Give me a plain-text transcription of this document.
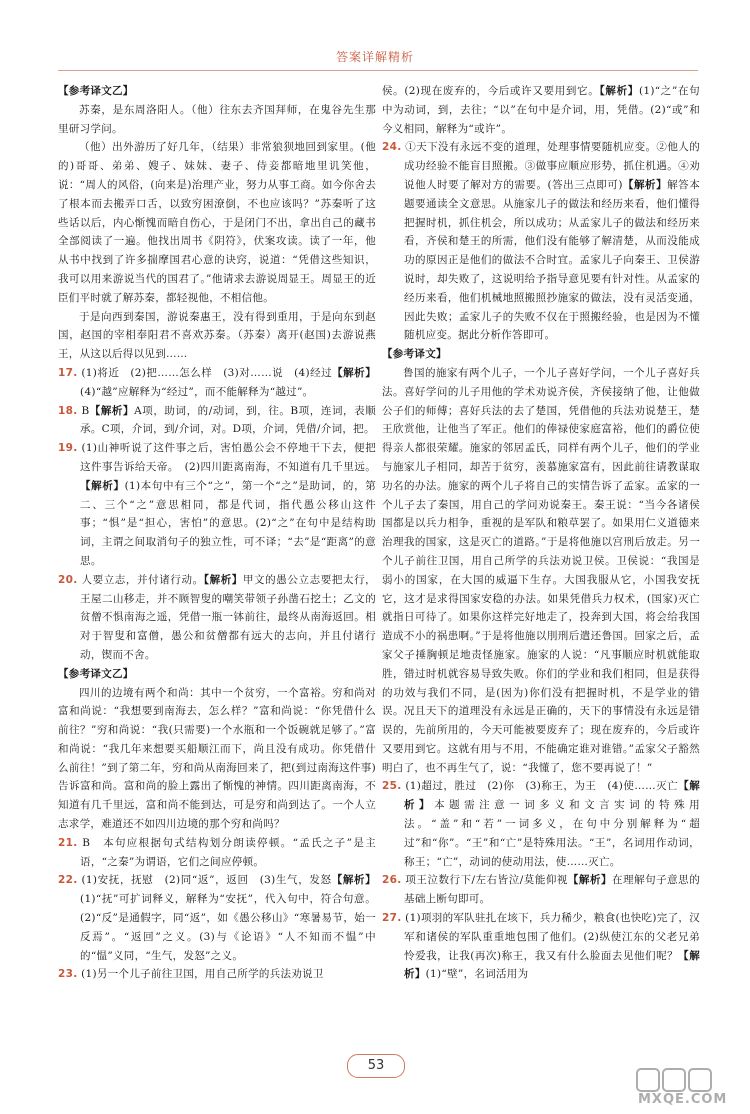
答案详解精析

【参考译文乙】

苏秦，是东周洛阳人。（他）往东去齐国拜师，在鬼谷先生那里研习学问。

（他）出外游历了好几年，（结果）非常狼狈地回到家里。(他的)哥哥、弟弟、嫂子、妹妹、妻子、侍妾都暗地里讥笑他，说：“周人的风俗，(向来是)治理产业，努力从事工商。如今你舍去了根本而去搬弄口舌，以致穷困潦倒，不也应该吗？”苏秦听了这些话以后，内心惭愧而暗自伤心，于是闭门不出，拿出自己的藏书全部阅读了一遍。他找出周书《阴符》，伏案攻读。读了一年，他从书中找到了许多揣摩国君心意的诀窍，说道：“凭借这些知识，我可以用来游说当代的国君了。”他请求去游说周显王。周显王的近臣们平时就了解苏秦，都轻视他，不相信他。

于是向西到秦国，游说秦惠王，没有得到重用，于是向东到赵国，赵国的宰相奉阳君不喜欢苏秦。（苏秦）离开(赵国)去游说燕王，从这以后得以见到……

17. (1)将近　(2)把……怎么样　(3)对……说　(4)经过【解析】(4)“越”应解释为“经过”，而不能解释为“越过”。

18. B【解析】A项，助词，的/动词，到，往。B项，连词，表顺承。C项，介词，到/介词，对。D项，介词，凭借/介词，把。

19. (1)山神听说了这件事之后，害怕愚公会不停地干下去，便把这件事告诉给天帝。　(2)四川距离南海，不知道有几千里远。【解析】(1)本句中有三个“之”，第一个“之”是助词，的，第二、三个“之”意思相同，都是代词，指代愚公移山这件事；“惧”是“担心，害怕”的意思。(2)“之”在句中是结构助词，主谓之间取消句子的独立性，可不译；“去”是“距离”的意思。

20. 人要立志，并付诸行动。【解析】甲文的愚公立志要把太行，王屋二山移走，并不顾智叟的嘲笑带领子孙凿石挖土；乙文的贫僧不惧南海之遥，凭借一瓶一钵前往，最终从南海返回。相对于智叟和富僧，愚公和贫僧都有远大的志向，并且付诸行动，锲而不舍。

【参考译文乙】

四川的边境有两个和尚：其中一个贫穷，一个富裕。穷和尚对富和尚说：“我想要到南海去，怎么样？”富和尚说：“你凭借什么前往？”穷和尚说：“我(只需要)一个水瓶和一个饭碗就足够了。”富和尚说：“我几年来想要买船顺江而下，尚且没有成功。你凭借什么前往！”到了第二年，穷和尚从南海回来了，把(到过南海这件事)告诉富和尚。富和尚的脸上露出了惭愧的神情。四川距离南海，不知道有几千里远，富和尚不能到达，可是穷和尚到达了。一个人立志求学，难道还不如四川边境的那个穷和尚吗？

21. B　 本句应根据句式结构划分朗读停顿。“孟氏之子”是主语，“之秦”为谓语，它们之间应停顿。

22. (1)安抚，抚慰　(2)同“返”，返回　(3)生气，发怒【解析】(1)“抚”可扩词释义，解释为“安抚”，代入句中，符合句意。(2)“反”是通假字，同“返”，如《愚公移山》“寒暑易节，始一反焉”。“返回”之义。(3)与《论语》“人不知而不愠”中的“愠”义同，“生气，发怒”之义。

23. (1)另一个儿子前往卫国，用自己所学的兵法劝说卫

侯。(2)现在废弃的，今后或许又要用到它。【解析】(1)“之”在句中为动词，到，去往；“以”在句中是介词，用，凭借。(2)“或”和今义相同，解释为“或许”。

24. ①天下没有永远不变的道理，处理事情要随机应变。②他人的成功经验不能盲目照搬。③做事应顺应形势，抓住机遇。④劝说他人时要了解对方的需要。(答出三点即可)【解析】解答本题要通读全文意思。从施家儿子的做法和经历来看，他们懂得把握时机，抓住机会，所以成功；从孟家儿子的做法和经历来看，齐侯和楚王的所需，他们没有能够了解清楚，从而没能成功的原因正是他们的做法不合时宜。孟家儿子向秦王、卫侯游说时，却失败了，这说明给予指导意见要有针对性。从孟家的经历来看，他们机械地照搬照抄施家的做法，没有灵活变通，因此失败；孟家儿子的失败不仅在于照搬经验，也是因为不懂随机应变。据此分析作答即可。

【参考译文】

鲁国的施家有两个儿子，一个儿子喜好学问，一个儿子喜好兵法。喜好学问的儿子用他的学术劝说齐侯，齐侯接纳了他，让他做公子们的师傅；喜好兵法的去了楚国，凭借他的兵法劝说楚王，楚王欣赏他，让他当了军正。他们的俸禄使家庭富裕，他们的爵位使得亲人都很荣耀。施家的邻居孟氏，同样有两个儿子，他们的学业与施家儿子相同，却苦于贫穷，羡慕施家富有，因此前往请教谋取功名的办法。施家的两个儿子将自己的实情告诉了孟家。孟家的一个儿子去了秦国，用自己的学问劝说秦王。秦王说：“当今各诸侯国都是以兵力相争，重视的是军队和粮草罢了。如果用仁义道德来治理我的国家，这是灭亡的道路。”于是将他施以宫刑后放走。另一个儿子前往卫国，用自己所学的兵法劝说卫侯。卫侯说：“我国是弱小的国家，在大国的威逼下生存。大国我服从它，小国我安抚它，这才是求得国家安稳的办法。如果凭借兵力权术，(国家)灭亡就指日可待了。如果你这样完好地走了，投奔到大国，将会给我国造成不小的祸患啊。”于是将他施以刖刑后遣还鲁国。回家之后，孟家父子捶胸顿足地责怪施家。施家的人说：“凡事顺应时机就能取胜，错过时机就容易导致失败。你们的学业和我们相同，但是获得的功效与我们不同，是(因为)你们没有把握时机，不是学业的错误。况且天下的道理没有永远是正确的，天下的事情没有永远是错误的，先前所用的，今天可能被要废弃了；现在废弃的，今后或许又要用到它。这就有用与不用，不能确定谁对谁错。”孟家父子豁然明白了，也不再生气了，说：“我懂了，您不要再说了！”

25. (1)超过，胜过　(2)你　(3)称王，为王　(4)使……灭亡【解析】本题需注意一词多义和文言实词的特殊用法。“盖”和“若”一词多义，在句中分别解释为“超过”和“你”。“王”和“亡”是特殊用法。“王”，名词用作动词，称王；“亡”，动词的使动用法，使……灭亡。

26. 项王泣数行下/左右皆泣/莫能仰视【解析】在理解句子意思的基础上断句即可。

27. (1)项羽的军队驻扎在垓下，兵力稀少，粮食(也快吃)完了，汉军和诸侯的军队重重地包围了他们。(2)纵使江东的父老兄弟怜爱我，让我(再次)称王，我又有什么脸面去见他们呢？【解析】(1)“壁”，名词活用为

53
MXQE.COM
